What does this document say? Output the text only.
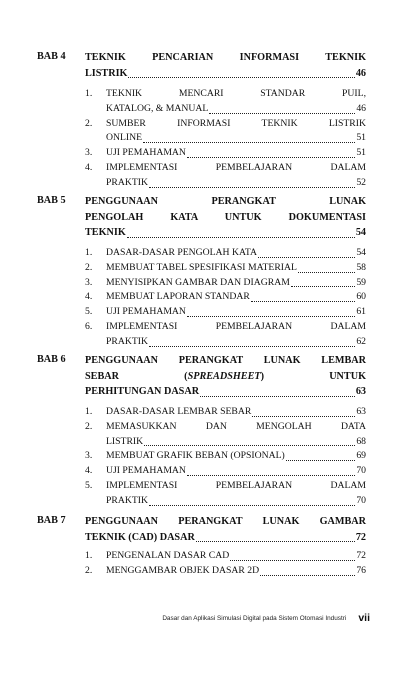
BAB 4	TEKNIK PENCARIAN INFORMASI TEKNIK
LISTRIK	46
1.	TEKNIK MENCARI STANDAR PUIL,
KATALOG, & MANUAL	46
2.	SUMBER INFORMASI TEKNIK LISTRIK
ONLINE	51
3.	UJI PEMAHAMAN	51
4.	IMPLEMENTASI PEMBELAJARAN DALAM
PRAKTIK	52
BAB 5	PENGGUNAAN PERANGKAT LUNAK
PENGOLAH KATA UNTUK DOKUMENTASI
TEKNIK	54
1.	DASAR-DASAR PENGOLAH KATA	54
2.	MEMBUAT TABEL SPESIFIKASI MATERIAL	58
3.	MENYISIPKAN GAMBAR DAN DIAGRAM	59
4.	MEMBUAT LAPORAN STANDAR	60
5.	UJI PEMAHAMAN	61
6.	IMPLEMENTASI PEMBELAJARAN DALAM
PRAKTIK	62
BAB 6	PENGGUNAAN PERANGKAT LUNAK LEMBAR
SEBAR (SPREADSHEET) UNTUK
PERHITUNGAN DASAR	63
1.	DASAR-DASAR LEMBAR SEBAR	63
2.	MEMASUKKAN DAN MENGOLAH DATA
LISTRIK	68
3.	MEMBUAT GRAFIK BEBAN (OPSIONAL)	69
4.	UJI PEMAHAMAN	70
5.	IMPLEMENTASI PEMBELAJARAN DALAM
PRAKTIK	70
BAB 7	PENGGUNAAN PERANGKAT LUNAK GAMBAR
TEKNIK (CAD) DASAR	72
1.	PENGENALAN DASAR CAD	72
2.	MENGGAMBAR OBJEK DASAR 2D	76
Dasar dan Aplikasi Simulasi Digital pada Sistem Otomasi Industri vii
